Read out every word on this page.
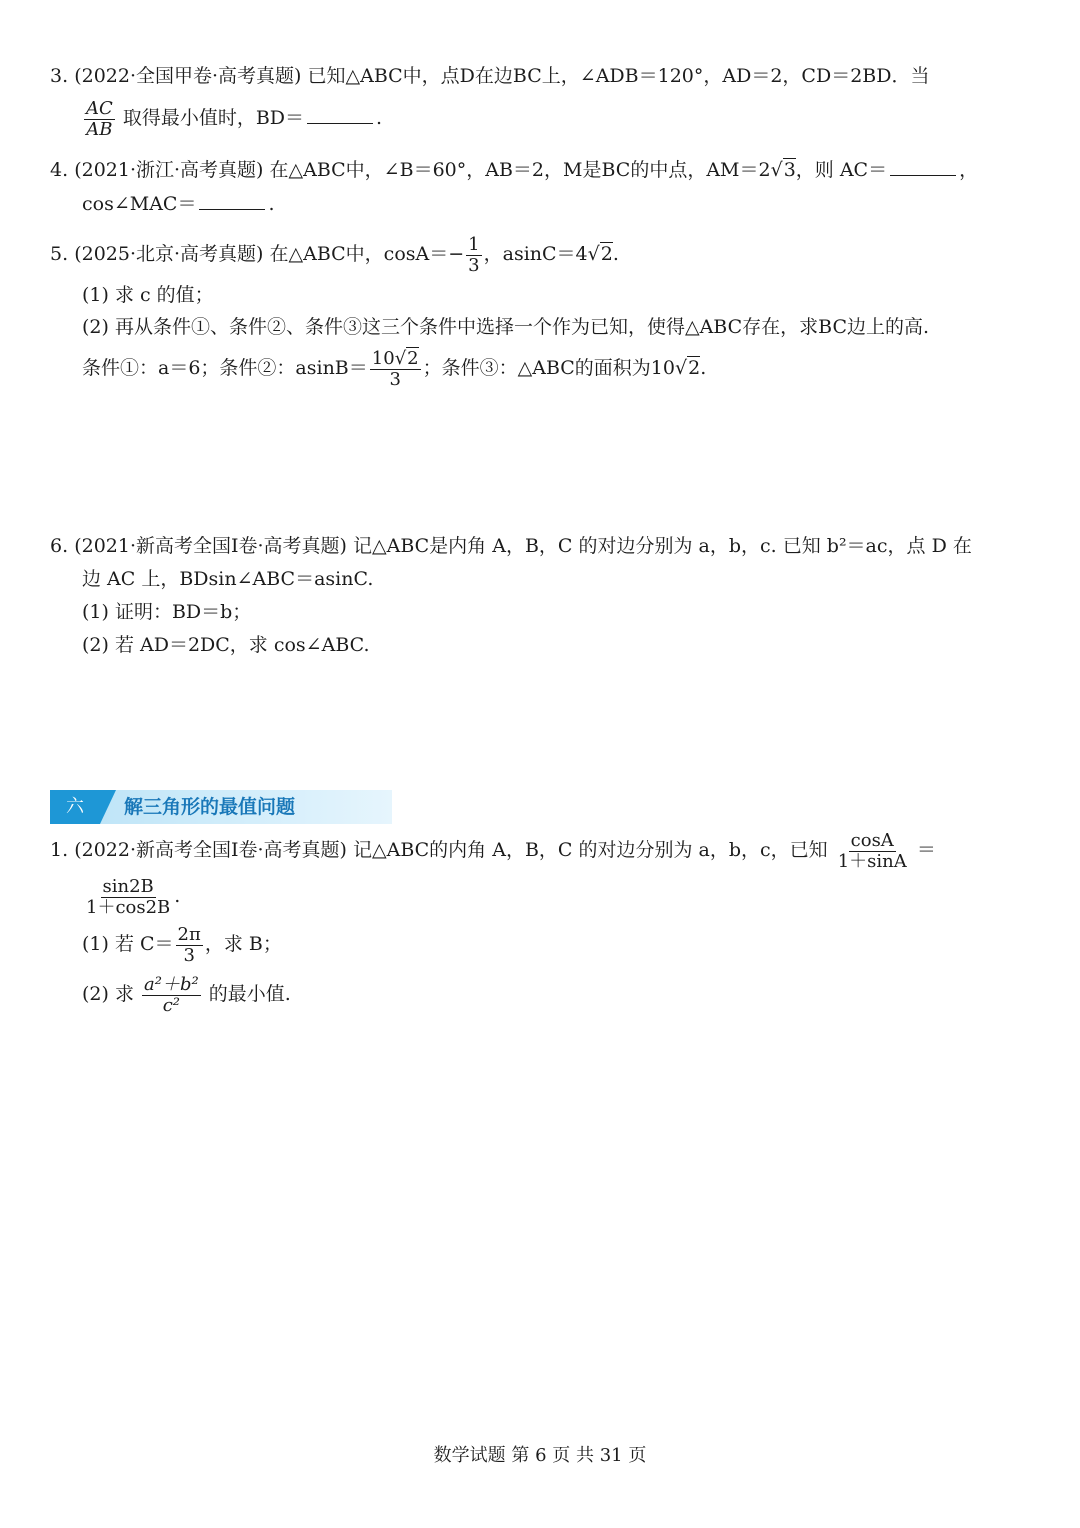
3. (2022·全国甲卷·高考真题) 已知△ABC中，点D在边BC上，∠ADB＝120°，AD＝2，CD＝2BD．当
$\frac{AC}{AB}$ 取得最小值时，BD＝	.
4. (2021·浙江·高考真题) 在△ABC中，∠B＝60°，AB＝2，M是BC的中点，AM＝2√3，则 AC＝	，
cos∠MAC＝	.
5. (2025·北京·高考真题) 在△ABC中，$\cos A=- \frac{1}{3}$ ，asinC＝4√2.
(1) 求 c 的值；
(2) 再从条件①、条件②、条件③这三个条件中选择一个作为已知，使得△ABC存在，求BC边上的高.
条件①：a＝6；条件②：$asinB= \frac{10√2}{3}$ ；条件③：△ABC的面积为10√2.
6. (2021·新高考全国Ⅰ卷·高考真题) 记△ABC是内角 A，B，C 的对边分别为 a，b，c. 已知 b²＝ac，点 D 在
边 AC 上，BDsin∠ABC＝asinC.
(1) 证明：BD＝b；
(2) 若 AD＝2DC，求 cos∠ABC.
六	解三角形的最值问题
1. (2022·新高考全国Ⅰ卷·高考真题) 记△ABC的内角 A，B，C 的对边分别为 a，b，c，已知 $\frac{\cos A}{1+\sin A}$ ＝
$\frac{\sin 2B}{1+\cos 2B}$ .
(1) 若 $C= \frac{2\pi}{3}$ ，求 B；
(2) 求 $\frac{\text{a²＋b²}}{\text{c²}}$ 的最小值.
数学试题 第 6 页 共 31 页
